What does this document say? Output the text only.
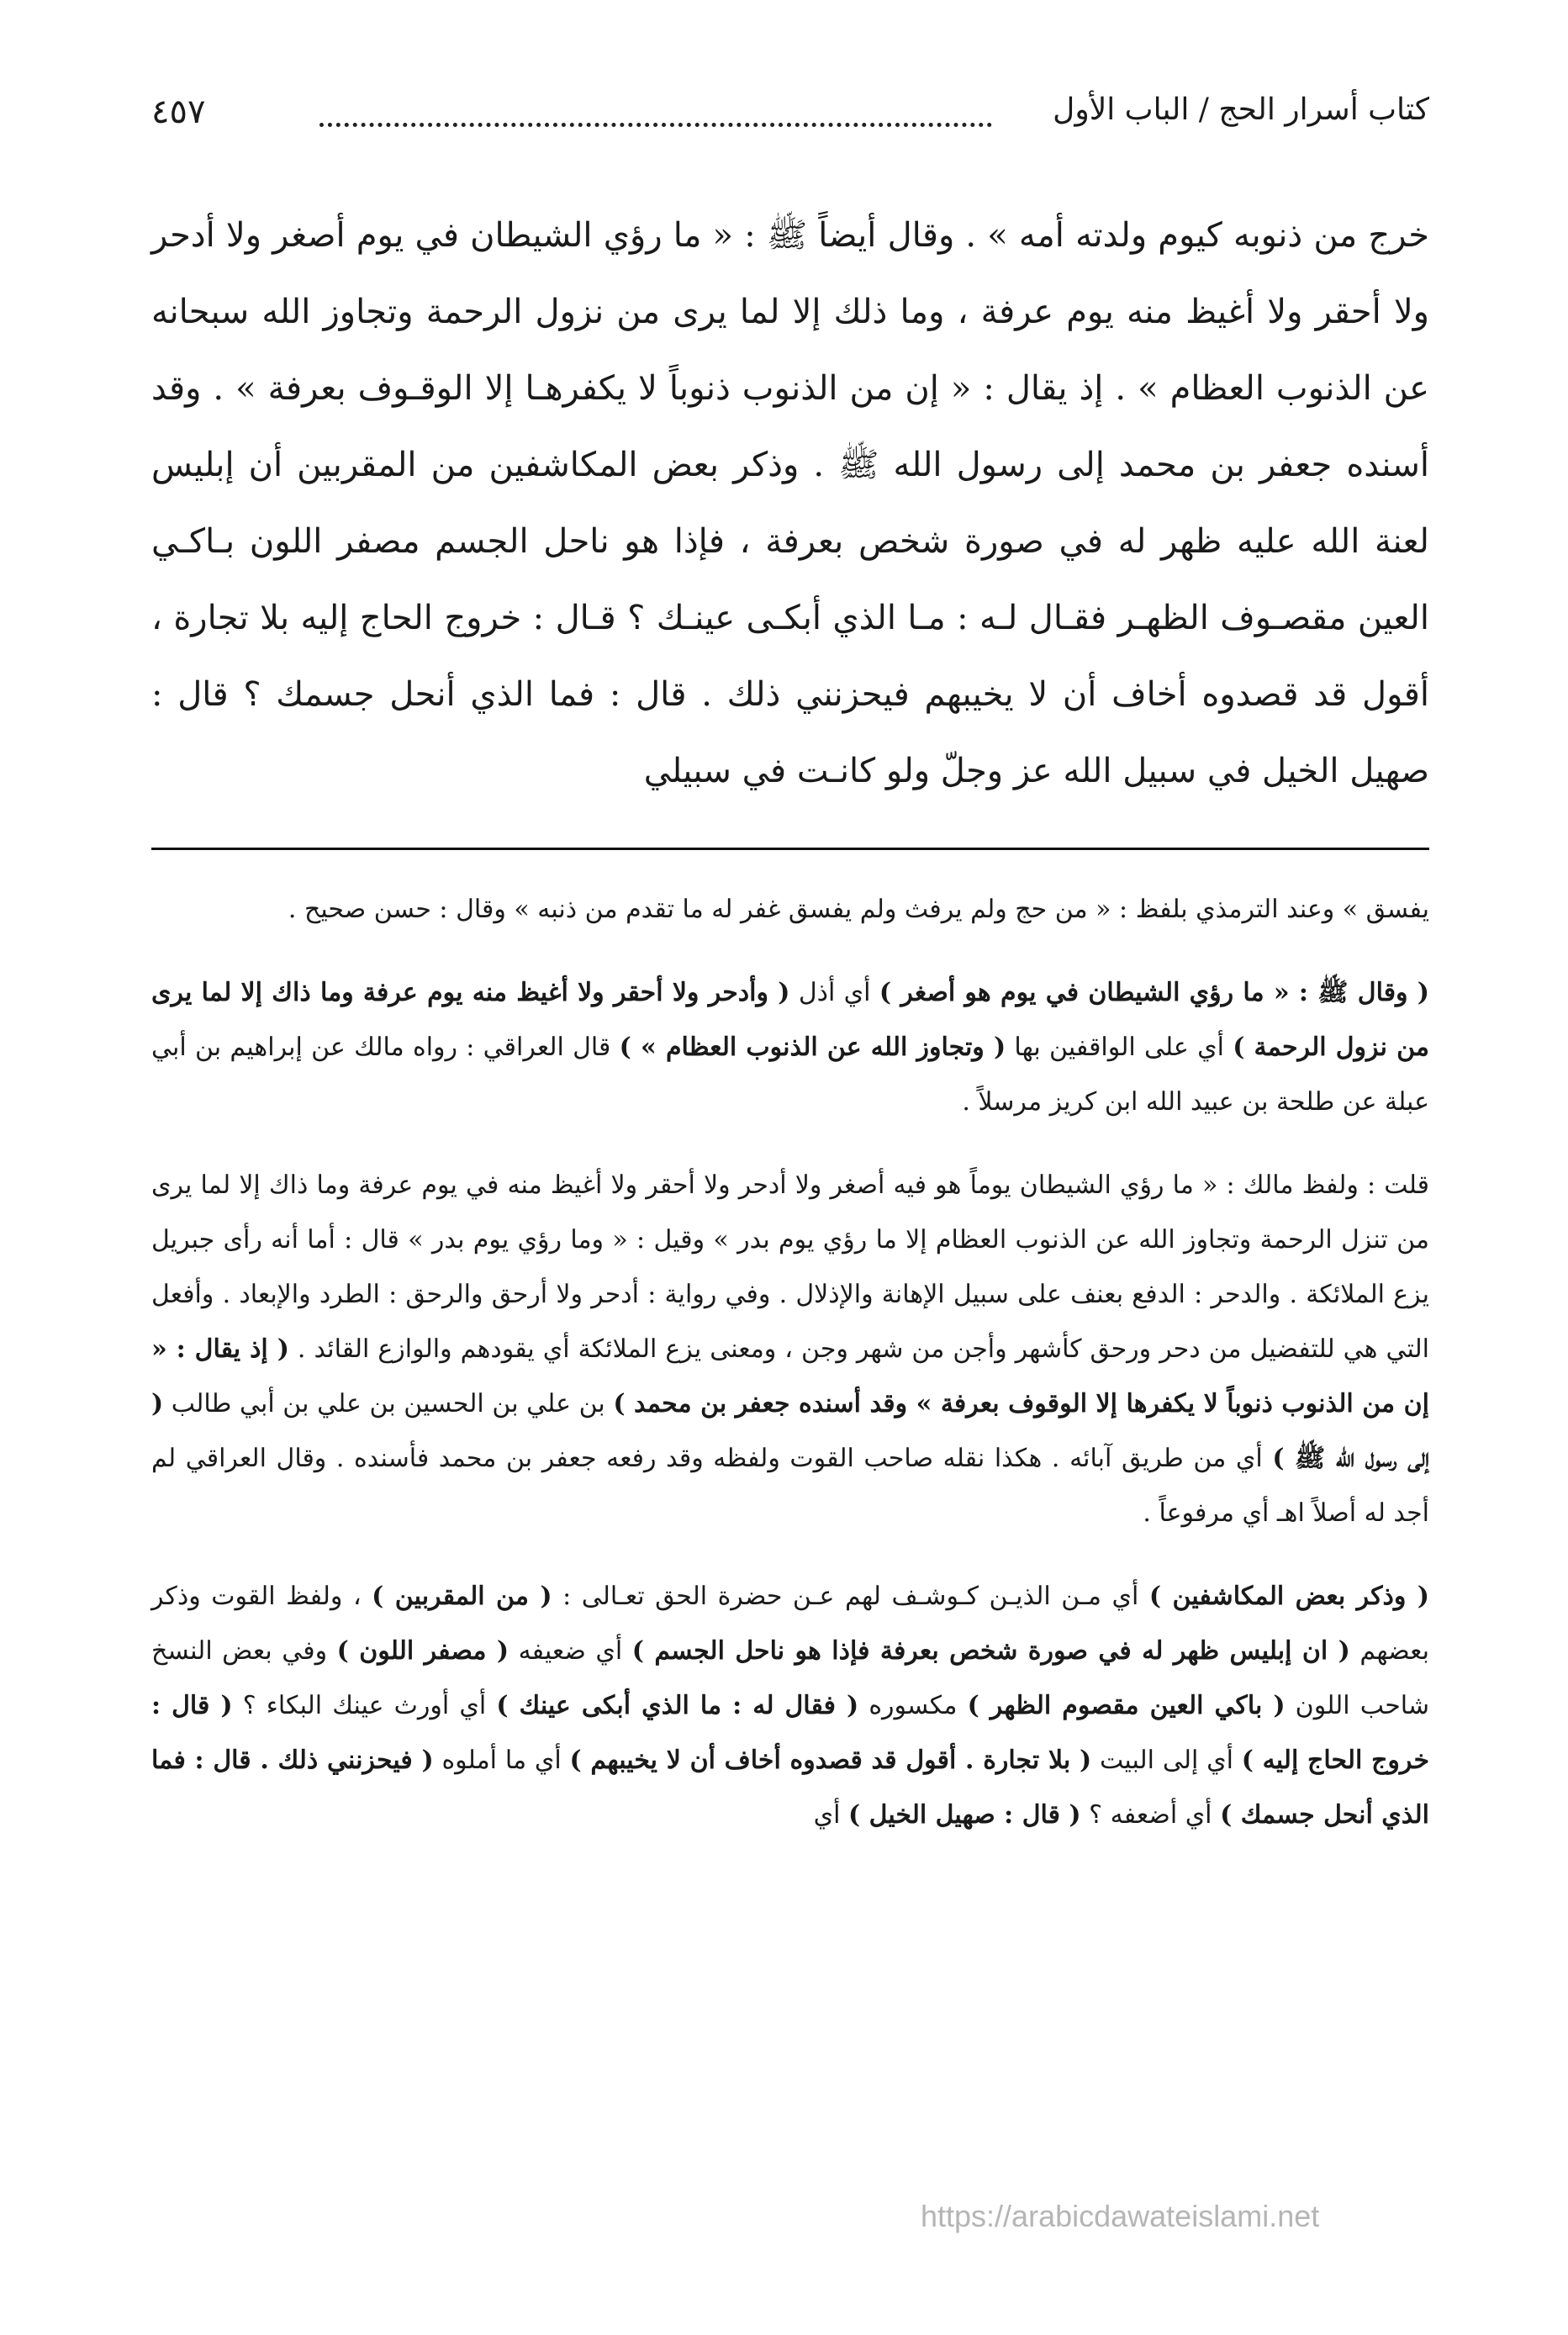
كتاب أسرار الحج / الباب الأول
٤٥٧
خرج من ذنوبه كيوم ولدته أمه » . وقال أيضاً ﷺ : « ما رؤي الشيطان في يوم أصغر ولا أدحر ولا أحقر ولا أغيظ منه يوم عرفة ، وما ذلك إلا لما يرى من نزول الرحمة وتجاوز الله سبحانه عن الذنوب العظام » . إذ يقال : « إن من الذنوب ذنوباً لا يكفرهـا إلا الوقـوف بعرفة » . وقد أسنده جعفر بن محمد إلى رسول الله ﷺ . وذكر بعض المكاشفين من المقربين أن إبليس لعنة الله عليه ظهر له في صورة شخص بعرفة ، فإذا هو ناحل الجسم مصفر اللون بـاكـي العين مقصـوف الظهـر فقـال لـه : مـا الذي أبكـى عينـك ؟ قـال : خروج الحاج إليه بلا تجارة ، أقول قد قصدوه أخاف أن لا يخيبهم فيحزنني ذلك . قال : فما الذي أنحل جسمك ؟ قال : صهيل الخيل في سبيل الله عز وجلّ ولو كانـت في سبيلي

يفسق » وعند الترمذي بلفظ : « من حج ولم يرفث ولم يفسق غفر له ما تقدم من ذنبه » وقال : حسن صحيح .

( وقال ﷺ : « ما رؤي الشيطان في يوم هو أصغر ) أي أذل ( وأدحر ولا أحقر ولا أغيظ منه يوم عرفة وما ذاك إلا لما يرى من نزول الرحمة ) أي على الواقفين بها ( وتجاوز الله عن الذنوب العظام » ) قال العراقي : رواه مالك عن إبراهيم بن أبي عبلة عن طلحة بن عبيد الله ابن كريز مرسلاً .

قلت : ولفظ مالك : « ما رؤي الشيطان يوماً هو فيه أصغر ولا أدحر ولا أحقر ولا أغيظ منه في يوم عرفة وما ذاك إلا لما يرى من تنزل الرحمة وتجاوز الله عن الذنوب العظام إلا ما رؤي يوم بدر » وقيل : « وما رؤي يوم بدر » قال : أما أنه رأى جبريل يزع الملائكة . والدحر : الدفع بعنف على سبيل الإهانة والإذلال . وفي رواية : أدحر ولا أرحق والرحق : الطرد والإبعاد . وأفعل التي هي للتفضيل من دحر ورحق كأشهر وأجن من شهر وجن ، ومعنى يزع الملائكة أي يقودهم والوازع القائد . ( إذ يقال : « إن من الذنوب ذنوباً لا يكفرها إلا الوقوف بعرفة » وقد أسنده جعفر بن محمد ) بن علي بن الحسين بن علي بن أبي طالب ( إلى رسول الله ﷺ ) أي من طريق آبائه . هكذا نقله صاحب القوت ولفظه وقد رفعه جعفر بن محمد فأسنده . وقال العراقي لم أجد له أصلاً اهـ أي مرفوعاً .

( وذكر بعض المكاشفين ) أي مـن الذيـن كـوشـف لهم عـن حضرة الحق تعـالى : ( من المقربين ) ، ولفظ القوت وذكر بعضهم ( ان إبليس ظهر له في صورة شخص بعرفة فإذا هو ناحل الجسم ) أي ضعيفه ( مصفر اللون ) وفي بعض النسخ شاحب اللون ( باكي العين مقصوم الظهر ) مكسوره ( فقال له : ما الذي أبكى عينك ) أي أورث عينك البكاء ؟ ( قال : خروج الحاج إليه ) أي إلى البيت ( بلا تجارة . أقول قد قصدوه أخاف أن لا يخيبهم ) أي ما أملوه ( فيحزنني ذلك . قال : فما الذي أنحل جسمك ) أي أضعفه ؟ ( قال : صهيل الخيل ) أي

https://arabicdawateislami.net
